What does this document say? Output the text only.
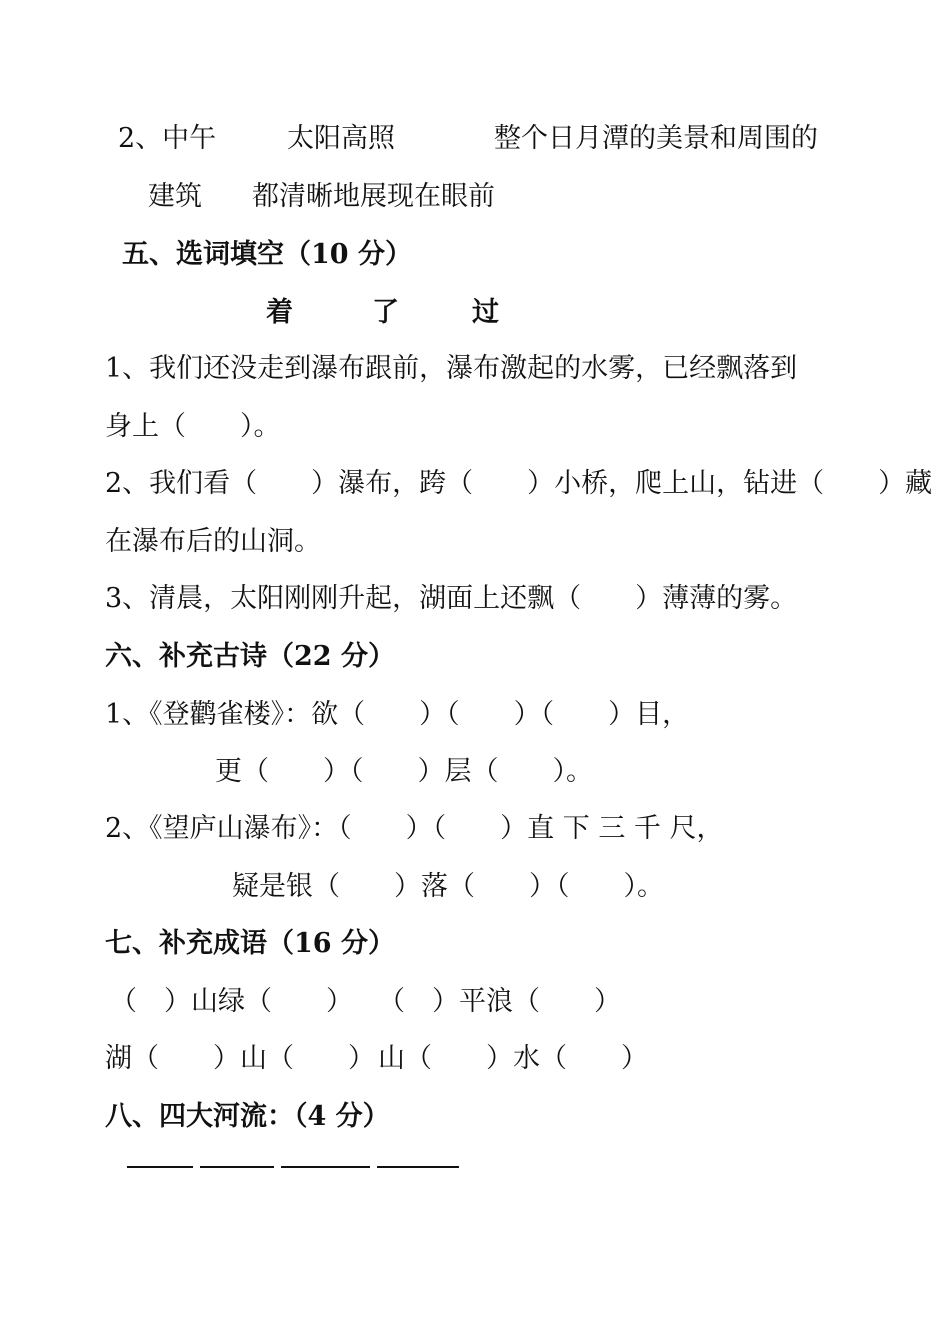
2、中午	太阳高照	整个日月潭的美景和周围的
建筑 都清晰地展现在眼前
五、选词填空（10 分）
着	了	过
1、我们还没走到瀑布跟前，瀑布激起的水雾，已经飘落到
身上（　　）。
2、我们看（　　）瀑布，跨（　　）小桥，爬上山，钻进（　　）藏
在瀑布后的山洞。
3、清晨，太阳刚刚升起，湖面上还飘（　　）薄薄的雾。
六、补充古诗（22 分）
1、《登鹳雀楼》：欲（　　）（　　）（　　）目，
更（　　）（　　）层（　　）。
2、《望庐山瀑布》：（　　）（　　）直 下 三 千 尺，
疑是银（　　）落（　　）（　　）。
七、补充成语（16 分）
（　）山绿（　　） （　）平浪（　　）
湖（　　）山（　　） 山（　　）水（　　）
八、四大河流：（4 分）
